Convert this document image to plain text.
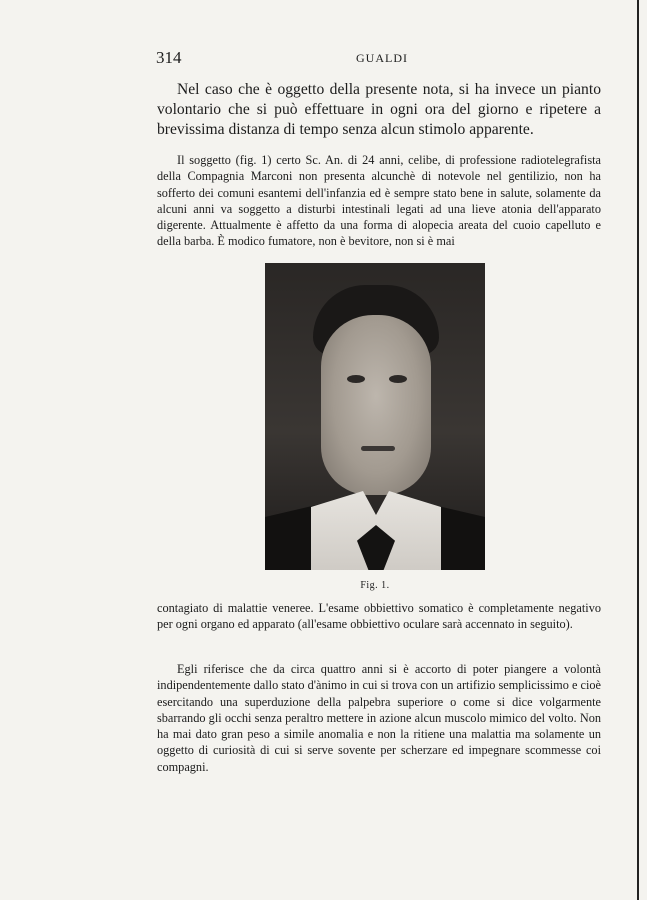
314	GUALDI

Nel caso che è oggetto della presente nota, si ha invece un pianto volontario che si può effettuare in ogni ora del giorno e ripetere a brevissima distanza di tempo senza alcun stimolo apparente.

Il soggetto (fig. 1) certo Sc. An. di 24 anni, celibe, di professione radiotelegrafista della Compagnia Marconi non presenta alcunchè di notevole nel gentilizio, non ha sofferto dei comuni esantemi dell'infanzia ed è sempre stato bene in salute, solamente da alcuni anni va soggetto a disturbi intestinali legati ad una lieve atonia dell'apparato digerente. Attualmente è affetto da una forma di alopecia areata del cuoio capelluto e della barba. È modico fumatore, non è bevitore, non si è mai

Fig. 1.

contagiato di malattie veneree. L'esame obbiettivo somatico è completamente negativo per ogni organo ed apparato (all'esame obbiettivo oculare sarà accennato in seguito).

Egli riferisce che da circa quattro anni si è accorto di poter piangere a volontà indipendentemente dallo stato d'ànimo in cui si trova con un artifizio semplicissimo e cioè esercitando una superduzione della palpebra superiore o come si dice volgarmente sbarrando gli occhi senza peraltro mettere in azione alcun muscolo mimico del volto. Non ha mai dato gran peso a simile anomalia e non la ritiene una malattia ma solamente un oggetto di curiosità di cui si serve sovente per scherzare ed impegnare scommesse coi compagni.
